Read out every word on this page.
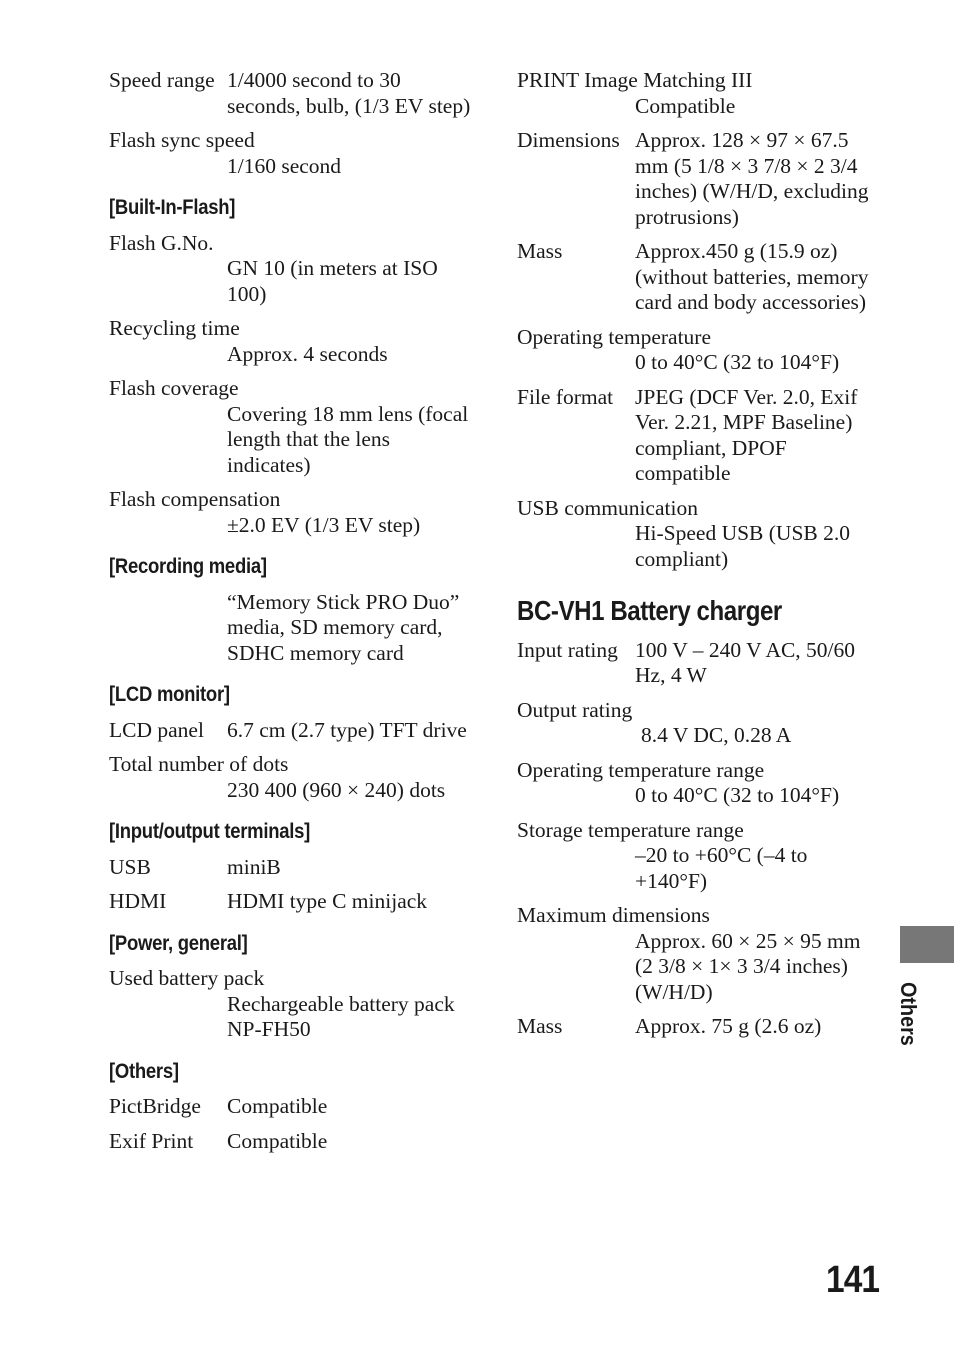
Speed range 1/4000 second to 30 seconds, bulb, (1/3 EV step)
Flash sync speed
1/160 second
[Built-In-Flash]
Flash G.No.
GN 10 (in meters at ISO 100)
Recycling time
Approx. 4 seconds
Flash coverage
Covering 18 mm lens (focal length that the lens indicates)
Flash compensation
±2.0 EV (1/3 EV step)
[Recording media]
“Memory Stick PRO Duo” media, SD memory card, SDHC memory card
[LCD monitor]
LCD panel	6.7 cm (2.7 type) TFT drive
Total number of dots
230 400 (960 × 240) dots
[Input/output terminals]
USB	miniB
HDMI	HDMI type C minijack
[Power, general]
Used battery pack
Rechargeable battery pack NP-FH50
[Others]
PictBridge	Compatible
Exif Print	Compatible
PRINT Image Matching III
Compatible
Dimensions Approx. 128 × 97 × 67.5 mm (5 1/8 × 3 7/8 × 2 3/4 inches) (W/H/D, excluding protrusions)
Mass	Approx.450 g (15.9 oz) (without batteries, memory card and body accessories)
Operating temperature
0 to 40°C (32 to 104°F)
File format	JPEG (DCF Ver. 2.0, Exif Ver. 2.21, MPF Baseline) compliant, DPOF compatible
USB communication
Hi-Speed USB (USB 2.0 compliant)
BC-VH1 Battery charger
Input rating 100 V – 240 V AC, 50/60 Hz, 4 W
Output rating
8.4 V DC, 0.28 A
Operating temperature range
0 to 40°C (32 to 104°F)
Storage temperature range
–20 to +60°C (–4 to +140°F)
Maximum dimensions
Approx. 60 × 25 × 95 mm (2 3/8 × 1× 3 3/4 inches) (W/H/D)
Mass	Approx. 75 g (2.6 oz)	Others
141
